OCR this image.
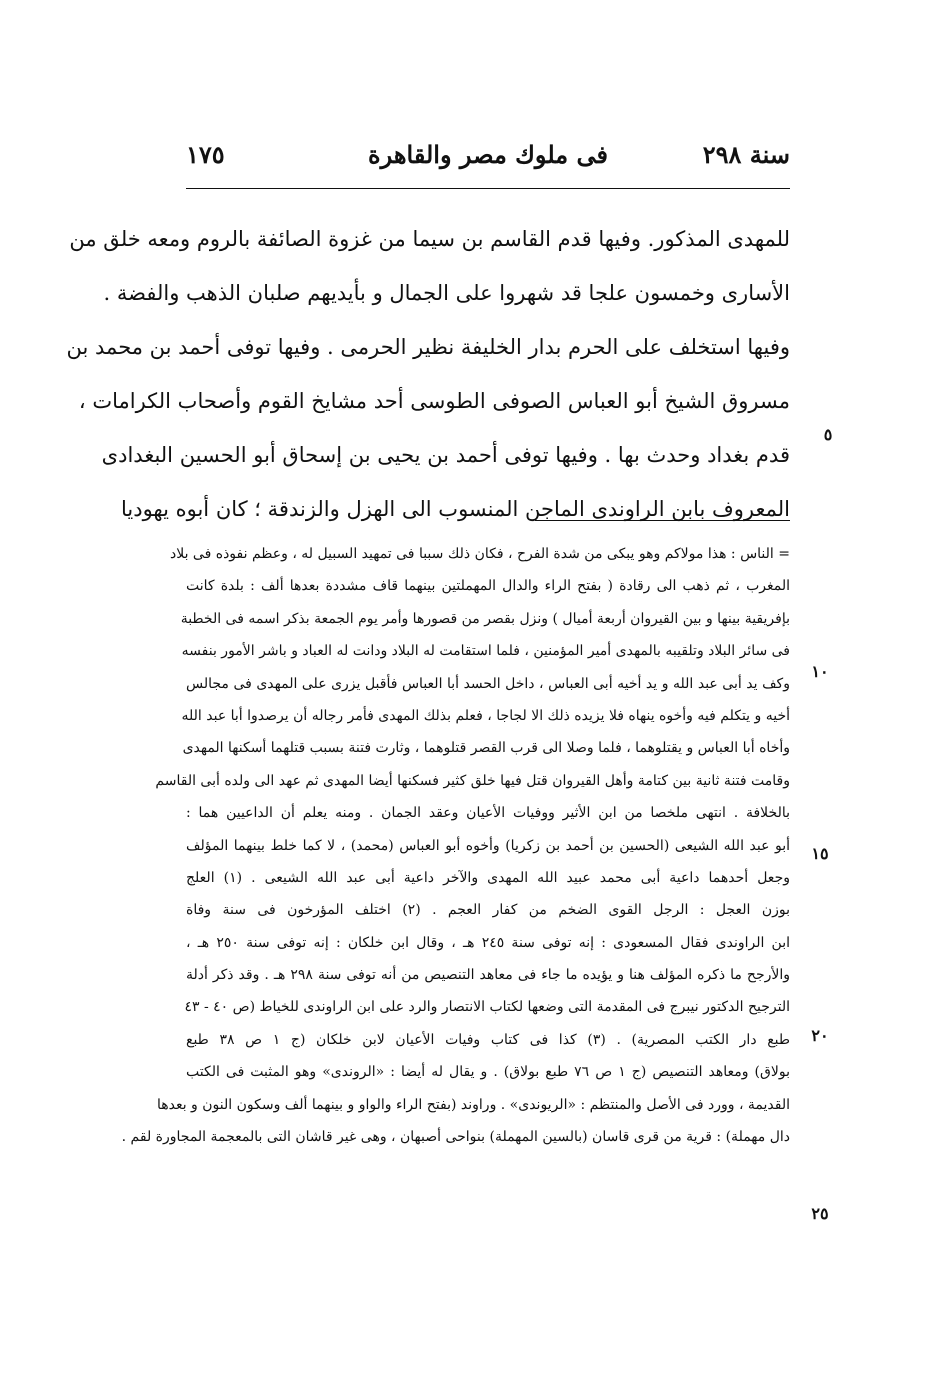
سنة ٢٩٨
فى ملوك مصر والقاهرة
١٧٥
للمهدى المذكور. وفيها قدم القاسم بن سيما من غزوة الصائفة بالروم ومعه خلق من
الأسارى وخمسون علجا قد شهروا على الجمال و بأيديهم صلبان الذهب والفضة .
وفيها استخلف على الحرم بدار الخليفة نظير الحرمى . وفيها توفى أحمد بن محمد بن
مسروق الشيخ أبو العباس الصوفى الطوسى أحد مشايخ القوم وأصحاب الكرامات ،
قدم بغداد وحدث بها . وفيها توفى أحمد بن يحيى بن إسحاق أبو الحسين البغدادى
المعروف بابن الراوندى الماجن المنسوب الى الهزل والزندقة ؛ كان أبوه يهوديا
= الناس : هذا مولاكم وهو يبكى من شدة الفرح ، فكان ذلك سببا فى تمهيد السبيل له ، وعظم نفوذه فى بلاد
المغرب ، ثم ذهب الى رقادة ( بفتح الراء والدال المهملتين بينهما قاف مشددة بعدها ألف : بلدة كانت
بإفريقية بينها و بين القيروان أربعة أميال ) ونزل بقصر من قصورها وأمر يوم الجمعة بذكر اسمه فى الخطبة
فى سائر البلاد وتلقيبه بالمهدى أمير المؤمنين ، فلما استقامت له البلاد ودانت له العباد و باشر الأمور بنفسه
وكف يد أبى عبد الله و يد أخيه أبى العباس ، داخل الحسد أبا العباس فأقبل يزرى على المهدى فى مجالس
أخيه و يتكلم فيه وأخوه ينهاه فلا يزيده ذلك الا لجاجا ، فعلم بذلك المهدى فأمر رجاله أن يرصدوا أبا عبد الله
وأخاه أبا العباس و يقتلوهما ، فلما وصلا الى قرب القصر قتلوهما ، وثارت فتنة بسبب قتلهما أسكنها المهدى
وقامت فتنة ثانية بين كتامة وأهل القيروان قتل فيها خلق كثير فسكنها أيضا المهدى ثم عهد الى ولده أبى القاسم
بالخلافة . انتهى ملخصا من ابن الأثير ووفيات الأعيان وعقد الجمان . ومنه يعلم أن الداعيين هما :
أبو عبد الله الشيعى (الحسين بن أحمد بن زكريا) وأخوه أبو العباس (محمد) ، لا كما خلط بينهما المؤلف
وجعل أحدهما داعية أبى محمد عبيد الله المهدى والآخر داعية أبى عبد الله الشيعى . (١) العلج
بوزن العجل : الرجل القوى الضخم من كفار العجم . (٢) اختلف المؤرخون فى سنة وفاة
ابن الراوندى فقال المسعودى : إنه توفى سنة ٢٤٥ هـ ، وقال ابن خلكان : إنه توفى سنة ٢٥٠ هـ ،
والأرجح ما ذكره المؤلف هنا و يؤيده ما جاء فى معاهد التنصيص من أنه توفى سنة ٢٩٨ هـ . وقد ذكر أدلة
الترجيح الدكتور نيبرج فى المقدمة التى وضعها لكتاب الانتصار والرد على ابن الراوندى للخياط (ص ٤٠ - ٤٣
طبع دار الكتب المصرية) . (٣) كذا فى كتاب وفيات الأعيان لابن خلكان (ج ١ ص ٣٨ طبع
بولاق) ومعاهد التنصيص (ج ١ ص ٧٦ طبع بولاق) . و يقال له أيضا : «الروندى» وهو المثبت فى الكتب
القديمة ، وورد فى الأصل والمنتظم : «الريوندى» . وراوند (بفتح الراء والواو و بينهما ألف وسكون النون و بعدها
دال مهملة) : قرية من قرى قاسان (بالسين المهملة) بنواحى أصبهان ، وهى غير قاشان التى بالمعجمة المجاورة لقم .
٥
١٠
١٥
٢٠
٢٥
